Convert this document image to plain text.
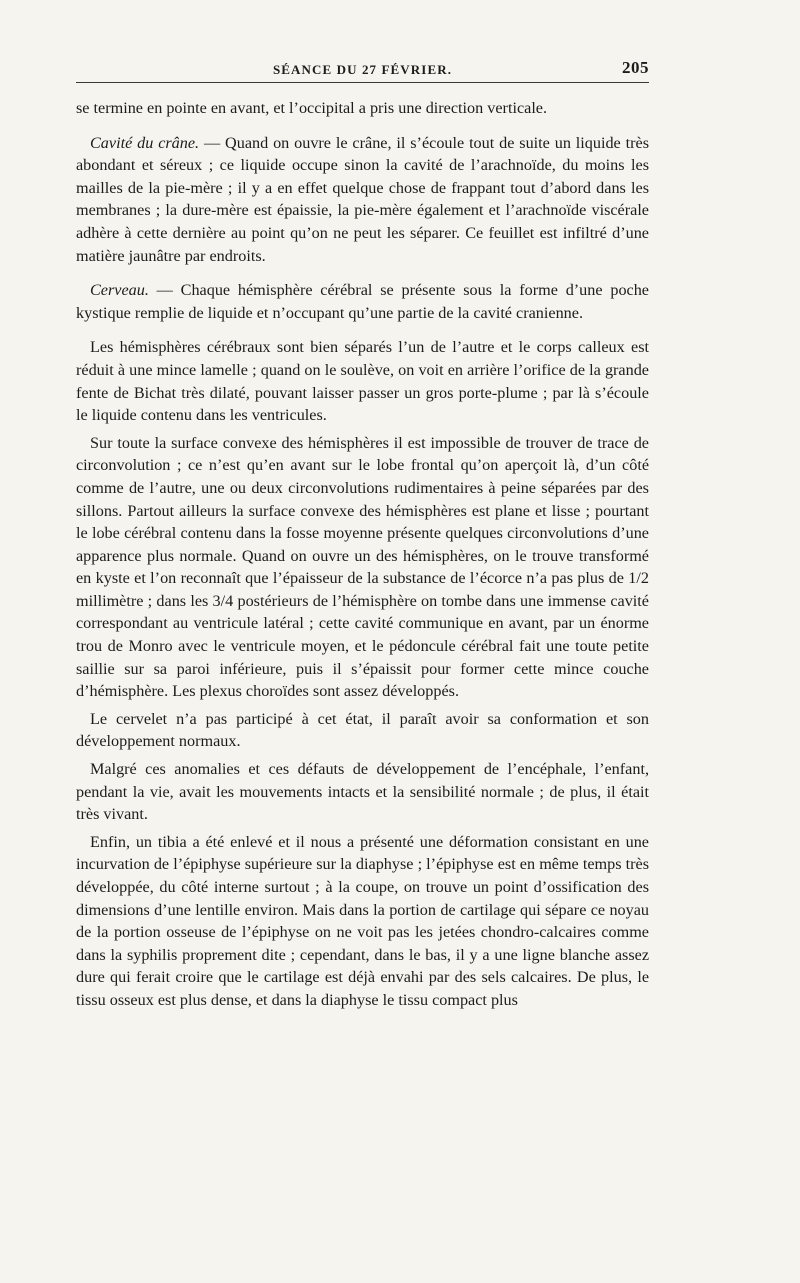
SÉANCE DU 27 FÉVRIER.	205

se termine en pointe en avant, et l’occipital a pris une direction verticale.

Cavité du crâne. — Quand on ouvre le crâne, il s’écoule tout de suite un liquide très abondant et séreux ; ce liquide occupe sinon la cavité de l’arachnoïde, du moins les mailles de la pie-mère ; il y a en effet quelque chose de frappant tout d’abord dans les membranes ; la dure-mère est épaissie, la pie-mère également et l’arachnoïde viscérale adhère à cette dernière au point qu’on ne peut les séparer. Ce feuillet est infiltré d’une matière jaunâtre par endroits.

Cerveau. — Chaque hémisphère cérébral se présente sous la forme d’une poche kystique remplie de liquide et n’occupant qu’une partie de la cavité cranienne.

Les hémisphères cérébraux sont bien séparés l’un de l’autre et le corps calleux est réduit à une mince lamelle ; quand on le soulève, on voit en arrière l’orifice de la grande fente de Bichat très dilaté, pouvant laisser passer un gros porte-plume ; par là s’écoule le liquide contenu dans les ventricules.

Sur toute la surface convexe des hémisphères il est impossible de trouver de trace de circonvolution ; ce n’est qu’en avant sur le lobe frontal qu’on aperçoit là, d’un côté comme de l’autre, une ou deux circonvolutions rudimentaires à peine séparées par des sillons. Partout ailleurs la surface convexe des hémisphères est plane et lisse ; pourtant le lobe cérébral contenu dans la fosse moyenne présente quelques circonvolutions d’une apparence plus normale. Quand on ouvre un des hémisphères, on le trouve transformé en kyste et l’on reconnaît que l’épaisseur de la substance de l’écorce n’a pas plus de 1/2 millimètre ; dans les 3/4 postérieurs de l’hémisphère on tombe dans une immense cavité correspondant au ventricule latéral ; cette cavité communique en avant, par un énorme trou de Monro avec le ventricule moyen, et le pédoncule cérébral fait une toute petite saillie sur sa paroi inférieure, puis il s’épaissit pour former cette mince couche d’hémisphère. Les plexus choroïdes sont assez développés.

Le cervelet n’a pas participé à cet état, il paraît avoir sa conformation et son développement normaux.

Malgré ces anomalies et ces défauts de développement de l’encéphale, l’enfant, pendant la vie, avait les mouvements intacts et la sensibilité normale ; de plus, il était très vivant.

Enfin, un tibia a été enlevé et il nous a présenté une déformation consistant en une incurvation de l’épiphyse supérieure sur la diaphyse ; l’épiphyse est en même temps très développée, du côté interne surtout ; à la coupe, on trouve un point d’ossification des dimensions d’une lentille environ. Mais dans la portion de cartilage qui sépare ce noyau de la portion osseuse de l’épiphyse on ne voit pas les jetées chondro-calcaires comme dans la syphilis proprement dite ; cependant, dans le bas, il y a une ligne blanche assez dure qui ferait croire que le cartilage est déjà envahi par des sels calcaires. De plus, le tissu osseux est plus dense, et dans la diaphyse le tissu compact plus
